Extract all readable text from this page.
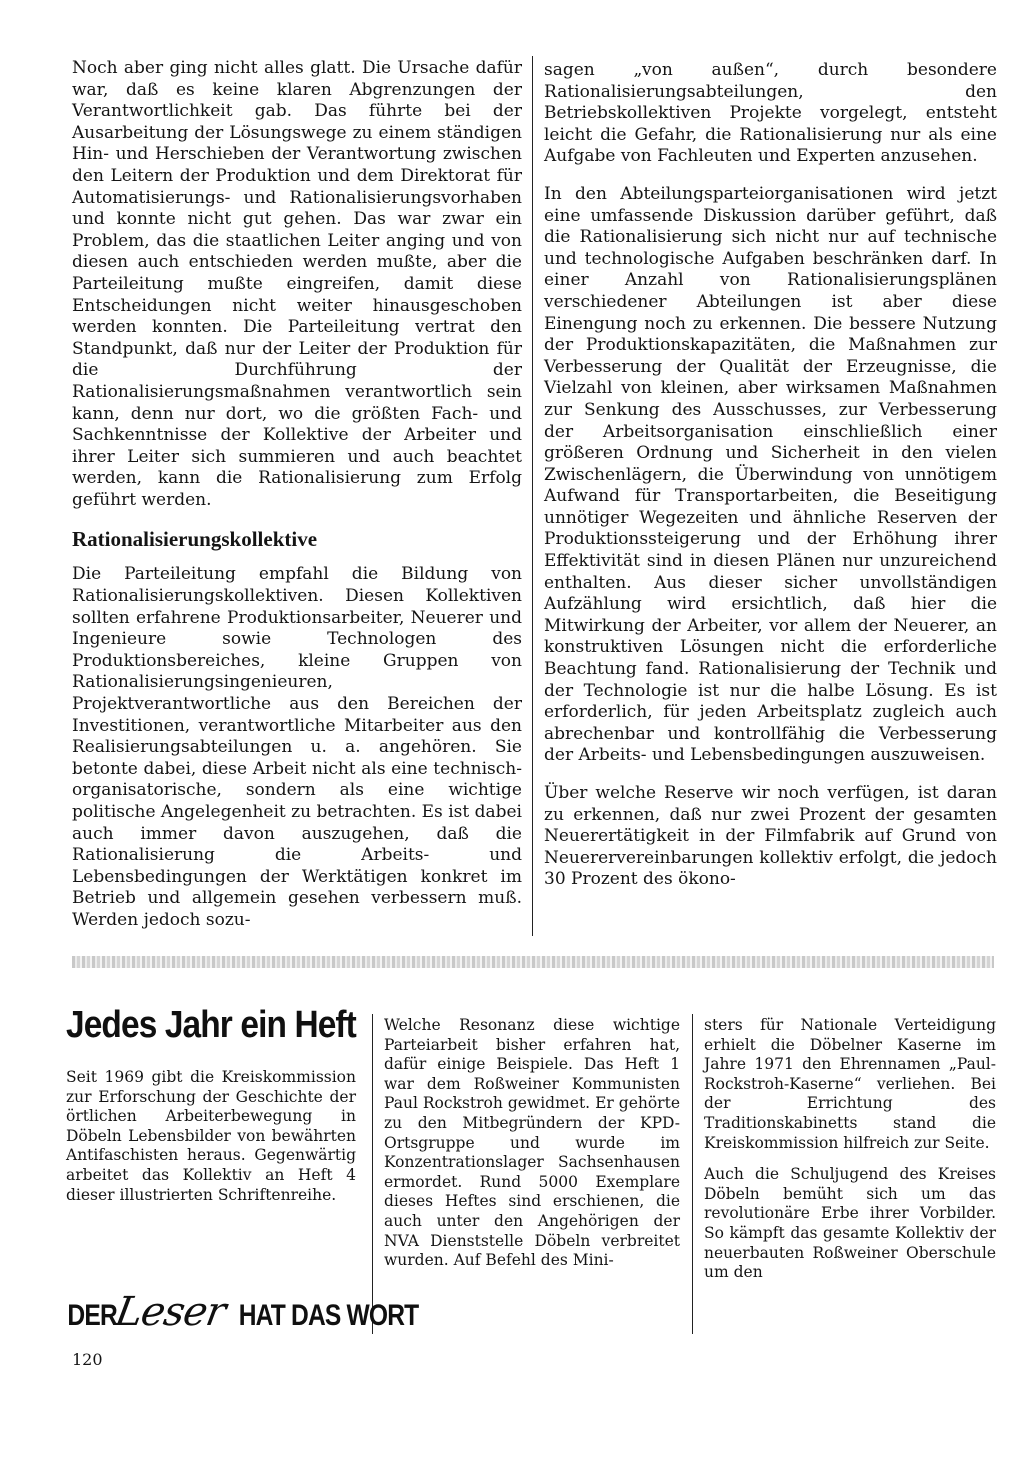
Noch aber ging nicht alles glatt. Die Ursache dafür war, daß es keine klaren Abgrenzungen der Verantwortlichkeit gab. Das führte bei der Ausarbeitung der Lösungswege zu einem ständigen Hin- und Herschieben der Verantwortung zwischen den Leitern der Produktion und dem Direktorat für Automatisierungs- und Rationalisierungsvorhaben und konnte nicht gut gehen. Das war zwar ein Problem, das die staatlichen Leiter anging und von diesen auch entschieden werden mußte, aber die Parteileitung mußte eingreifen, damit diese Entscheidungen nicht weiter hinausgeschoben werden konnten. Die Parteileitung vertrat den Standpunkt, daß nur der Leiter der Produktion für die Durchführung der Rationalisierungsmaßnahmen verantwortlich sein kann, denn nur dort, wo die größten Fach- und Sachkenntnisse der Kollektive der Arbeiter und ihrer Leiter sich summieren und auch beachtet werden, kann die Rationalisierung zum Erfolg geführt werden.

Rationalisierungskollektive

Die Parteileitung empfahl die Bildung von Rationalisierungskollektiven. Diesen Kollektiven sollten erfahrene Produktionsarbeiter, Neuerer und Ingenieure sowie Technologen des Produktionsbereiches, kleine Gruppen von Rationalisierungsingenieuren, Projektverantwortliche aus den Bereichen der Investitionen, verantwortliche Mitarbeiter aus den Realisierungsabteilungen u. a. angehören. Sie betonte dabei, diese Arbeit nicht als eine technisch-organisatorische, sondern als eine wichtige politische Angelegenheit zu betrachten. Es ist dabei auch immer davon auszugehen, daß die Rationalisierung die Arbeits- und Lebensbedingungen der Werktätigen konkret im Betrieb und allgemein gesehen verbessern muß. Werden jedoch sozu-

sagen „von außen“, durch besondere Rationalisierungsabteilungen, den Betriebskollektiven Projekte vorgelegt, entsteht leicht die Gefahr, die Rationalisierung nur als eine Aufgabe von Fachleuten und Experten anzusehen.

In den Abteilungsparteiorganisationen wird jetzt eine umfassende Diskussion darüber geführt, daß die Rationalisierung sich nicht nur auf technische und technologische Aufgaben beschränken darf. In einer Anzahl von Rationalisierungsplänen verschiedener Abteilungen ist aber diese Einengung noch zu erkennen. Die bessere Nutzung der Produktionskapazitäten, die Maßnahmen zur Verbesserung der Qualität der Erzeugnisse, die Vielzahl von kleinen, aber wirksamen Maßnahmen zur Senkung des Ausschusses, zur Verbesserung der Arbeitsorganisation einschließlich einer größeren Ordnung und Sicherheit in den vielen Zwischenlägern, die Überwindung von unnötigem Aufwand für Transportarbeiten, die Beseitigung unnötiger Wegezeiten und ähnliche Reserven der Produktionssteigerung und der Erhöhung ihrer Effektivität sind in diesen Plänen nur unzureichend enthalten. Aus dieser sicher unvollständigen Aufzählung wird ersichtlich, daß hier die Mitwirkung der Arbeiter, vor allem der Neuerer, an konstruktiven Lösungen nicht die erforderliche Beachtung fand. Rationalisierung der Technik und der Technologie ist nur die halbe Lösung. Es ist erforderlich, für jeden Arbeitsplatz zugleich auch abrechenbar und kontrollfähig die Verbesserung der Arbeits- und Lebensbedingungen auszuweisen.

Über welche Reserve wir noch verfügen, ist daran zu erkennen, daß nur zwei Prozent der gesamten Neuerertätigkeit in der Filmfabrik auf Grund von Neuerervereinbarungen kollektiv erfolgt, die jedoch 30 Prozent des ökono-

Jedes Jahr ein Heft

Seit 1969 gibt die Kreiskommission zur Erforschung der Geschichte der örtlichen Arbeiterbewegung in Döbeln Lebensbilder von bewährten Antifaschisten heraus. Gegenwärtig arbeitet das Kollektiv an Heft 4 dieser illustrierten Schriftenreihe.

Welche Resonanz diese wichtige Parteiarbeit bisher erfahren hat, dafür einige Beispiele. Das Heft 1 war dem Roßweiner Kommunisten Paul Rockstroh gewidmet. Er gehörte zu den Mitbegründern der KPD-Ortsgruppe und wurde im Konzentrationslager Sachsenhausen ermordet. Rund 5000 Exemplare dieses Heftes sind erschienen, die auch unter den Angehörigen der NVA Dienststelle Döbeln verbreitet wurden. Auf Befehl des Mini-

sters für Nationale Verteidigung erhielt die Döbelner Kaserne im Jahre 1971 den Ehrennamen „Paul-Rockstroh-Kaserne“ verliehen. Bei der Errichtung des Traditionskabinetts stand die Kreiskommission hilfreich zur Seite.

Auch die Schuljugend des Kreises Döbeln bemüht sich um das revolutionäre Erbe ihrer Vorbilder. So kämpft das gesamte Kollektiv der neuerbauten Roßweiner Oberschule um den

DER
Leser HAT DAS WORT

120
